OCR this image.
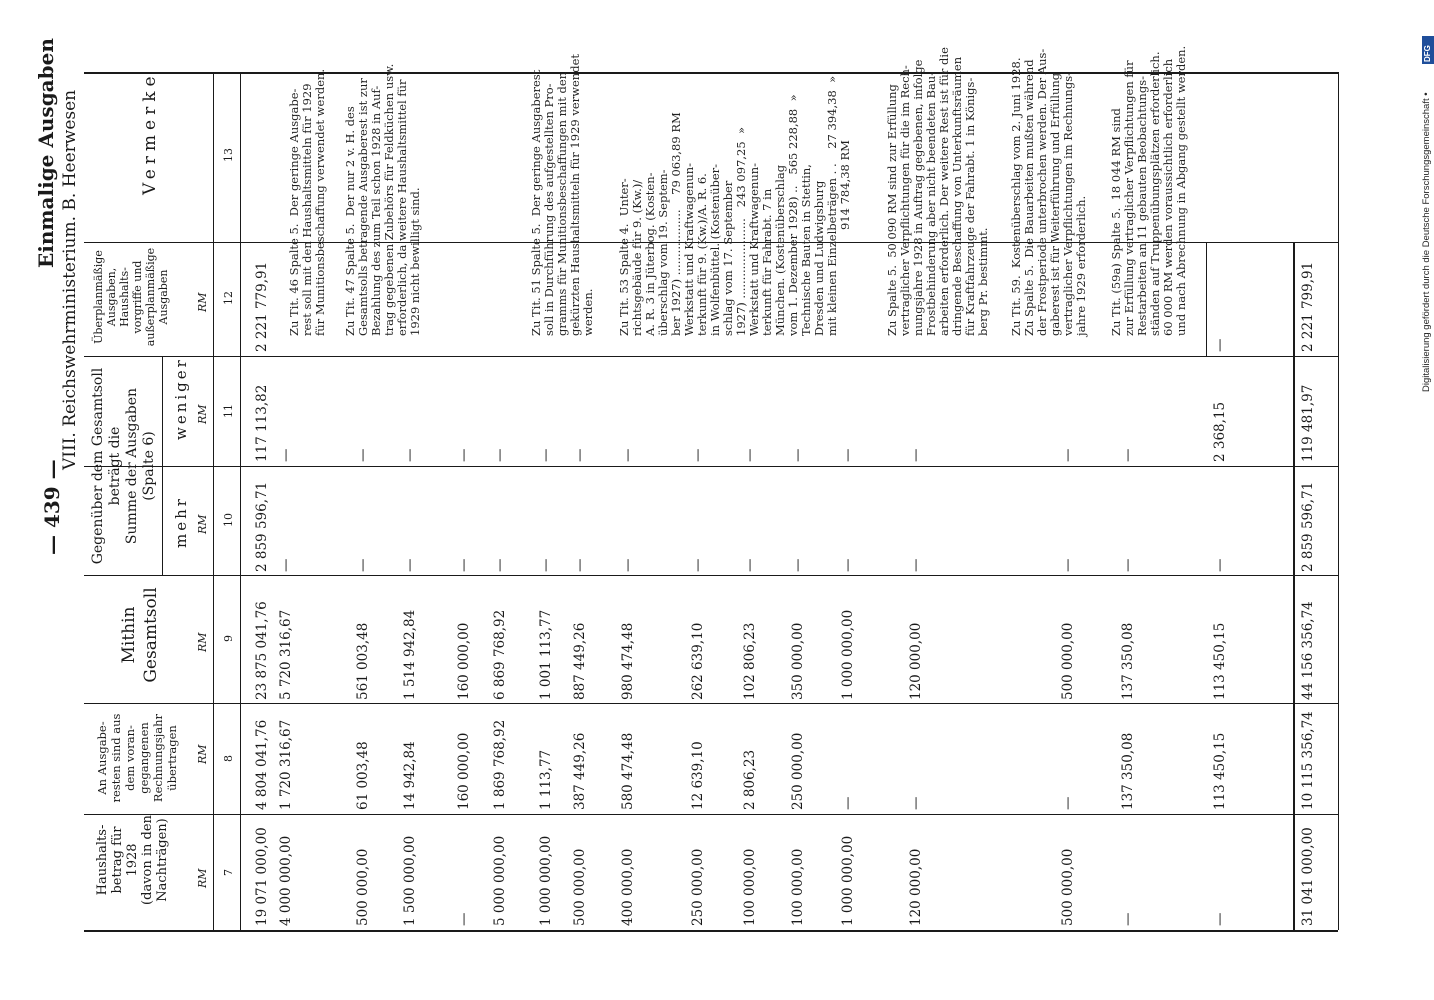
— 439 —
Einmalige Ausgaben VIII. Reichswehrministerium. B. Heerwesen
Haushalts-
betrag für
1928
(davon in den
Nachträgen)
An Ausgabe-
resten sind aus
dem voran-
gegangenen
Rechnungsjahr
übertragen
Mithin
Gesamtsoll
Gegenüber dem Gesamtsoll
beträgt die
Summe der Ausgaben
(Spalte 6)
mehr
weniger
Überplanmäßige
Ausgaben,
Haushalts-
vorgriffe und
außerplanmäßige
Ausgaben
Vermerke
RM
RM
RM
RM
RM
RM
7
8
9
10
11
12
13
19 071 000,00
4 804 041,76
23 875 041,76
2 859 596,71
117 113,82
2 221 779,91
4 000 000,00
1 720 316,67
5 720 316,67
—
—
500 000,00
61 003,48
561 003,48
—
—
1 500 000,00
14 942,84
1 514 942,84
—
—
—
160 000,00
160 000,00
—
—
5 000 000,00
1 869 768,92
6 869 768,92
—
—
1 000 000,00
1 113,77
1 001 113,77
—
—
500 000,00
387 449,26
887 449,26
—
—
400 000,00
580 474,48
980 474,48
—
—
250 000,00
12 639,10
262 639,10
—
—
100 000,00
2 806,23
102 806,23
—
—
100 000,00
250 000,00
350 000,00
—
—
1 000 000,00
—
1 000 000,00
—
—
120 000,00
—
120 000,00
—
—
500 000,00
—
500 000,00
—
—
—
137 350,08
137 350,08
—
—
—
113 450,15
113 450,15
—
2 368,15
—
31 041 000,00
10 115 356,74
44 156 356,74
2 859 596,71
119 481,97
2 221 799,91
Zu Tit. 46 Spalte 5.  Der geringe Ausgabe-
rest soll mit den Haushaltsmitteln für 1929
für Munitionsbeschaffung verwendet werden.
Zu Tit. 47 Spalte 5.  Der nur 2 v. H. des
Gesamtsolls betragende Ausgaberest ist zur
Bezahlung des zum Teil schon 1928 in Auf-
trag gegebenen Zubehörs für Feldküchen usw.
erforderlich, da weitere Haushaltsmittel für
1929 nicht bewilligt sind.
Zu Tit. 51 Spalte 5.  Der geringe Ausgaberest
soll in Durchführung des aufgestellten Pro-
gramms für Munitionsbeschaffungen mit den
gekürzten Haushaltsmitteln für 1929 verwendet
werden. Zu Tit. 53 Spalte 4.  Unter-
richtsgebäude für 9. (Kw.)/
A. R. 3 in Jüterbog. (Kosten-
überschlag vom 19. Septem-
ber 1927) ..................    79 063,89 RM
Werkstatt und Kraftwagenun-
terkunft für 9. (Kw.)/A. R. 6.
in Wolfenbüttel. (Kostenüber-
schlag vom 17. September
1927) ......................   243 097,25  »
Werkstatt und Kraftwagenun-
terkunft für Fahrabt. 7 in
München. (Kostenüberschlag
vom 1. Dezember 1928) ..   565 228,88  »
Technische Bauten in Stettin,
Dresden und Ludwigsburg
mit kleinen Einzelbeträgen . .    27 394,38  »
914 784,38 RM
Zu Spalte 5.  50 090 RM sind zur Erfüllung
vertraglicher Verpflichtungen für die im Rech-
nungsjahre 1928 in Auftrag gegebenen, infolge
Frostbehinderung aber nicht beendeten Bau-
arbeiten erforderlich. Der weitere Rest ist für die
dringende Beschaffung von Unterkunftsräumen
für Kraftfahrzeuge der Fahrabt. 1 in Königs-
berg Pr. bestimmt.
Zu Tit. 59.  Kostenüberschlag vom 2. Juni 1928.
Zu Spalte 5.  Die Bauarbeiten mußten während
der Frostperiode unterbrochen werden. Der Aus-
gaberest ist für Weiterführung und Erfüllung
vertraglicher Verpflichtungen im Rechnungs-
jahre 1929 erforderlich.
Zu Tit. (59a) Spalte 5.  18 044 RM sind
zur Erfüllung vertraglicher Verpflichtungen für
Restarbeiten an 11 gebauten Beobachtungs-
ständen auf Truppenübungsplätzen erforderlich.
60 000 RM werden voraussichtlich erforderlich
und nach Abrechnung in Abgang gestellt werden.
Digitalisierung gefördert durch die Deutsche Forschungsgemeinschaft •
DFG
